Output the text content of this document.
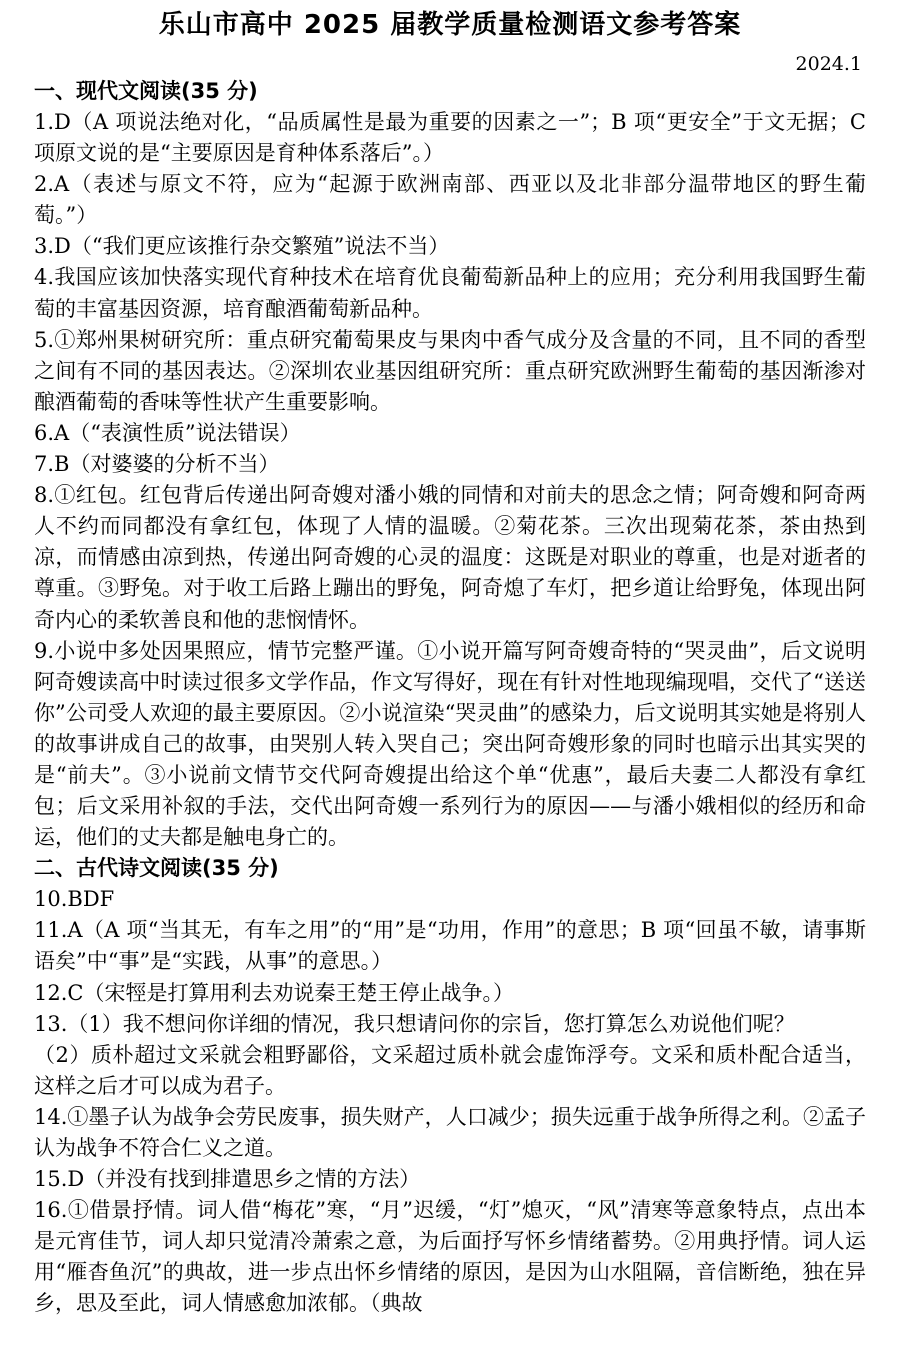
乐山市高中 2025 届教学质量检测语文参考答案
2024.1
一、现代文阅读(35 分)

1.D（A 项说法绝对化，“品质属性是最为重要的因素之一”；B 项“更安全”于文无据；C 项原文说的是“主要原因是育种体系落后”。）

2.A（表述与原文不符，应为“起源于欧洲南部、西亚以及北非部分温带地区的野生葡萄。”）

3.D（“我们更应该推行杂交繁殖”说法不当）

4.我国应该加快落实现代育种技术在培育优良葡萄新品种上的应用；充分利用我国野生葡萄的丰富基因资源，培育酿酒葡萄新品种。

5.①郑州果树研究所：重点研究葡萄果皮与果肉中香气成分及含量的不同，且不同的香型之间有不同的基因表达。②深圳农业基因组研究所：重点研究欧洲野生葡萄的基因渐渗对酿酒葡萄的香味等性状产生重要影响。

6.A（“表演性质”说法错误）

7.B（对婆婆的分析不当）

8.①红包。红包背后传递出阿奇嫂对潘小娥的同情和对前夫的思念之情；阿奇嫂和阿奇两人不约而同都没有拿红包，体现了人情的温暖。②菊花茶。三次出现菊花茶，茶由热到凉，而情感由凉到热，传递出阿奇嫂的心灵的温度：这既是对职业的尊重，也是对逝者的尊重。③野兔。对于收工后路上蹦出的野兔，阿奇熄了车灯，把乡道让给野兔，体现出阿奇内心的柔软善良和他的悲悯情怀。

9.小说中多处因果照应，情节完整严谨。①小说开篇写阿奇嫂奇特的“哭灵曲”，后文说明阿奇嫂读高中时读过很多文学作品，作文写得好，现在有针对性地现编现唱，交代了“送送你”公司受人欢迎的最主要原因。②小说渲染“哭灵曲”的感染力，后文说明其实她是将别人的故事讲成自己的故事，由哭别人转入哭自己；突出阿奇嫂形象的同时也暗示出其实哭的是“前夫”。③小说前文情节交代阿奇嫂提出给这个单“优惠”，最后夫妻二人都没有拿红包；后文采用补叙的手法，交代出阿奇嫂一系列行为的原因——与潘小娥相似的经历和命运，他们的丈夫都是触电身亡的。

二、古代诗文阅读(35 分)

10.BDF

11.A（A 项“当其无，有车之用”的“用”是“功用，作用”的意思；B 项“回虽不敏，请事斯语矣”中“事”是“实践，从事”的意思。）

12.C（宋牼是打算用利去劝说秦王楚王停止战争。）

13.（1）我不想问你详细的情况，我只想请问你的宗旨，您打算怎么劝说他们呢？

（2）质朴超过文采就会粗野鄙俗，文采超过质朴就会虚饰浮夸。文采和质朴配合适当，这样之后才可以成为君子。

14.①墨子认为战争会劳民废事，损失财产，人口减少；损失远重于战争所得之利。②孟子认为战争不符合仁义之道。

15.D（并没有找到排遣思乡之情的方法）

16.①借景抒情。词人借“梅花”寒，“月”迟缓，“灯”熄灭，“风”清寒等意象特点，点出本是元宵佳节，词人却只觉清冷萧索之意，为后面抒写怀乡情绪蓄势。②用典抒情。词人运用“雁杳鱼沉”的典故，进一步点出怀乡情绪的原因，是因为山水阻隔，音信断绝，独在异乡，思及至此，词人情感愈加浓郁。（典故
